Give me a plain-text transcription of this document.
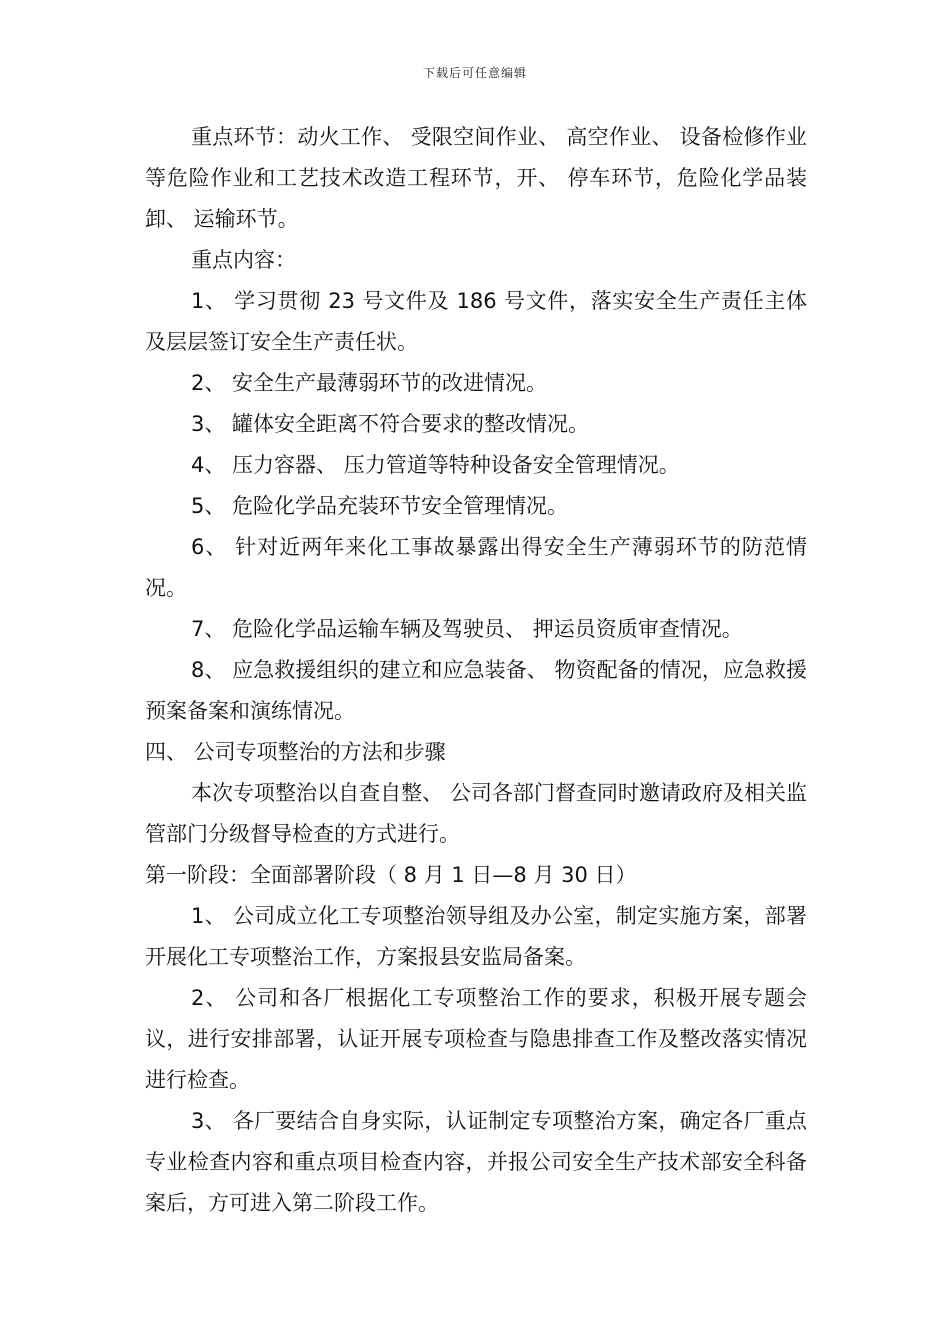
下载后可任意编辑

重点环节：动火工作、 受限空间作业、 高空作业、 设备检修作业等危险作业和工艺技术改造工程环节，开、 停车环节，危险化学品装卸、 运输环节。

重点内容：

1、 学习贯彻 23 号文件及 186 号文件，落实安全生产责任主体及层层签订安全生产责任状。

2、 安全生产最薄弱环节的改进情况。

3、 罐体安全距离不符合要求的整改情况。

4、 压力容器、 压力管道等特种设备安全管理情况。

5、 危险化学品充装环节安全管理情况。

6、 针对近两年来化工事故暴露出得安全生产薄弱环节的防范情况。

7、 危险化学品运输车辆及驾驶员、 押运员资质审查情况。

8、 应急救援组织的建立和应急装备、 物资配备的情况，应急救援预案备案和演练情况。

四、 公司专项整治的方法和步骤

本次专项整治以自查自整、 公司各部门督查同时邀请政府及相关监管部门分级督导检查的方式进行。

第一阶段：全面部署阶段（ 8 月 1 日—8 月 30 日）

1、 公司成立化工专项整治领导组及办公室，制定实施方案，部署开展化工专项整治工作，方案报县安监局备案。

2、 公司和各厂根据化工专项整治工作的要求，积极开展专题会议，进行安排部署，认证开展专项检查与隐患排查工作及整改落实情况进行检查。

3、 各厂要结合自身实际，认证制定专项整治方案，确定各厂重点专业检查内容和重点项目检查内容，并报公司安全生产技术部安全科备案后，方可进入第二阶段工作。
